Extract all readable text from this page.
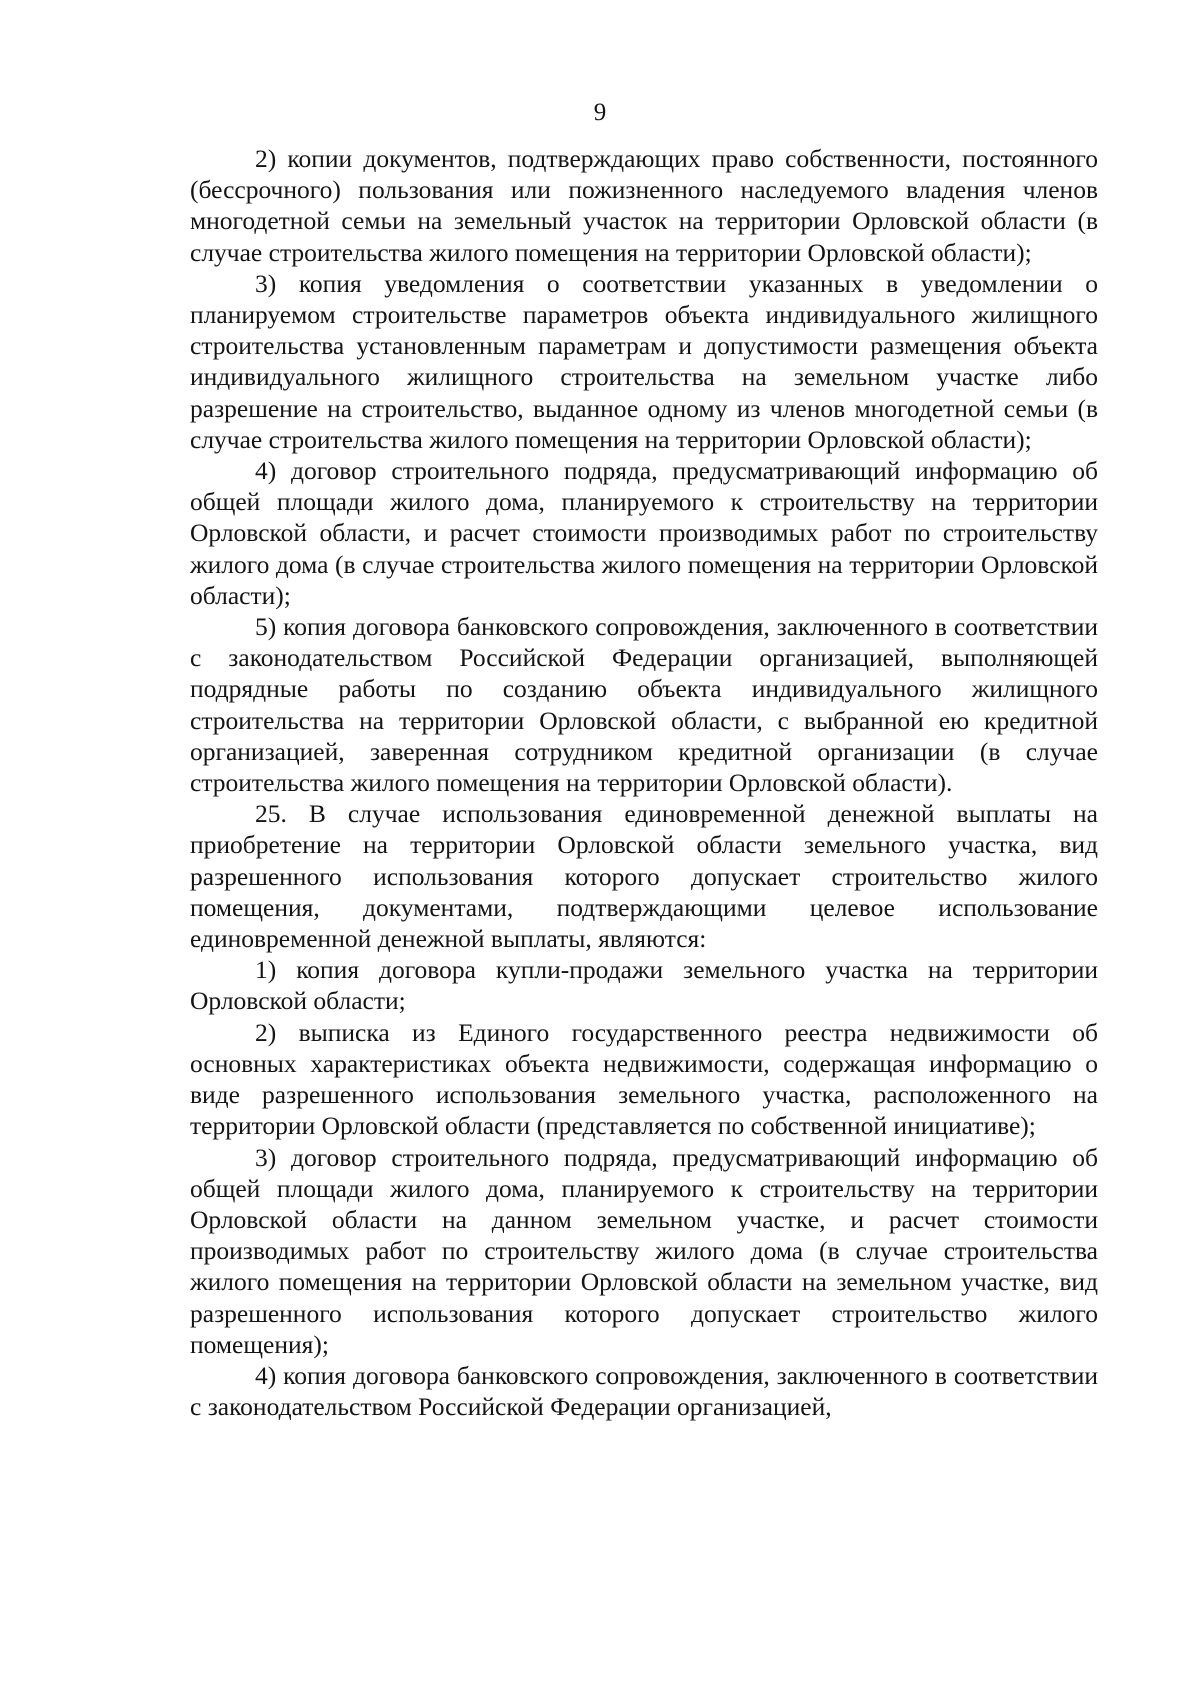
9

2) копии документов, подтверждающих право собственности, постоянного (бессрочного) пользования или пожизненного наследуемого владения членов многодетной семьи на земельный участок на территории Орловской области (в случае строительства жилого помещения на территории Орловской области);

3) копия уведомления о соответствии указанных в уведомлении о планируемом строительстве параметров объекта индивидуального жилищного строительства установленным параметрам и допустимости размещения объекта индивидуального жилищного строительства на земельном участке либо разрешение на строительство, выданное одному из членов многодетной семьи (в случае строительства жилого помещения на территории Орловской области);

4) договор строительного подряда, предусматривающий информацию об общей площади жилого дома, планируемого к строительству на территории Орловской области, и расчет стоимости производимых работ по строительству жилого дома (в случае строительства жилого помещения на территории Орловской области);

5) копия договора банковского сопровождения, заключенного в соответствии с законодательством Российской Федерации организацией, выполняющей подрядные работы по созданию объекта индивидуального жилищного строительства на территории Орловской области, с выбранной ею кредитной организацией, заверенная сотрудником кредитной организации (в случае строительства жилого помещения на территории Орловской области).

25. В случае использования единовременной денежной выплаты на приобретение на территории Орловской области земельного участка, вид разрешенного использования которого допускает строительство жилого помещения, документами, подтверждающими целевое использование единовременной денежной выплаты, являются:

1) копия договора купли-продажи земельного участка на территории Орловской области;

2) выписка из Единого государственного реестра недвижимости об основных характеристиках объекта недвижимости, содержащая информацию о виде разрешенного использования земельного участка, расположенного на территории Орловской области (представляется по собственной инициативе);

3) договор строительного подряда, предусматривающий информацию об общей площади жилого дома, планируемого к строительству на территории Орловской области на данном земельном участке, и расчет стоимости производимых работ по строительству жилого дома (в случае строительства жилого помещения на территории Орловской области на земельном участке, вид разрешенного использования которого допускает строительство жилого помещения);

4) копия договора банковского сопровождения, заключенного в соответствии с законодательством Российской Федерации организацией,
